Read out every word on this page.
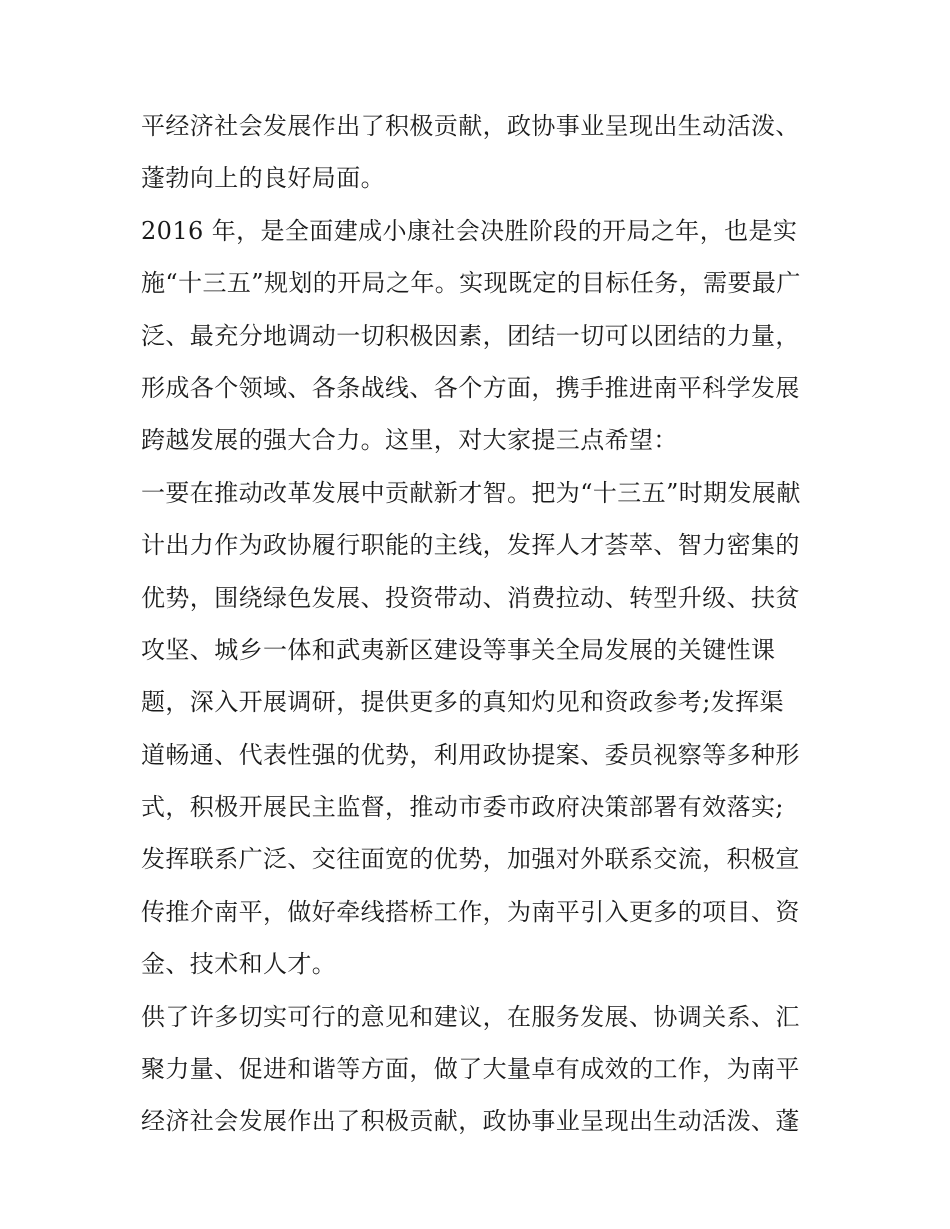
平经济社会发展作出了积极贡献，政协事业呈现出生动活泼、
蓬勃向上的良好局面。
2016 年，是全面建成小康社会决胜阶段的开局之年，也是实
施“十三五”规划的开局之年。实现既定的目标任务，需要最广
泛、最充分地调动一切积极因素，团结一切可以团结的力量，
形成各个领域、各条战线、各个方面，携手推进南平科学发展
跨越发展的强大合力。这里，对大家提三点希望：
一要在推动改革发展中贡献新才智。把为“十三五”时期发展献
计出力作为政协履行职能的主线，发挥人才荟萃、智力密集的
优势，围绕绿色发展、投资带动、消费拉动、转型升级、扶贫
攻坚、城乡一体和武夷新区建设等事关全局发展的关键性课
题，深入开展调研，提供更多的真知灼见和资政参考;发挥渠
道畅通、代表性强的优势，利用政协提案、委员视察等多种形
式，积极开展民主监督，推动市委市政府决策部署有效落实;
发挥联系广泛、交往面宽的优势，加强对外联系交流，积极宣
传推介南平，做好牵线搭桥工作，为南平引入更多的项目、资
金、技术和人才。
供了许多切实可行的意见和建议，在服务发展、协调关系、汇
聚力量、促进和谐等方面，做了大量卓有成效的工作，为南平
经济社会发展作出了积极贡献，政协事业呈现出生动活泼、蓬
